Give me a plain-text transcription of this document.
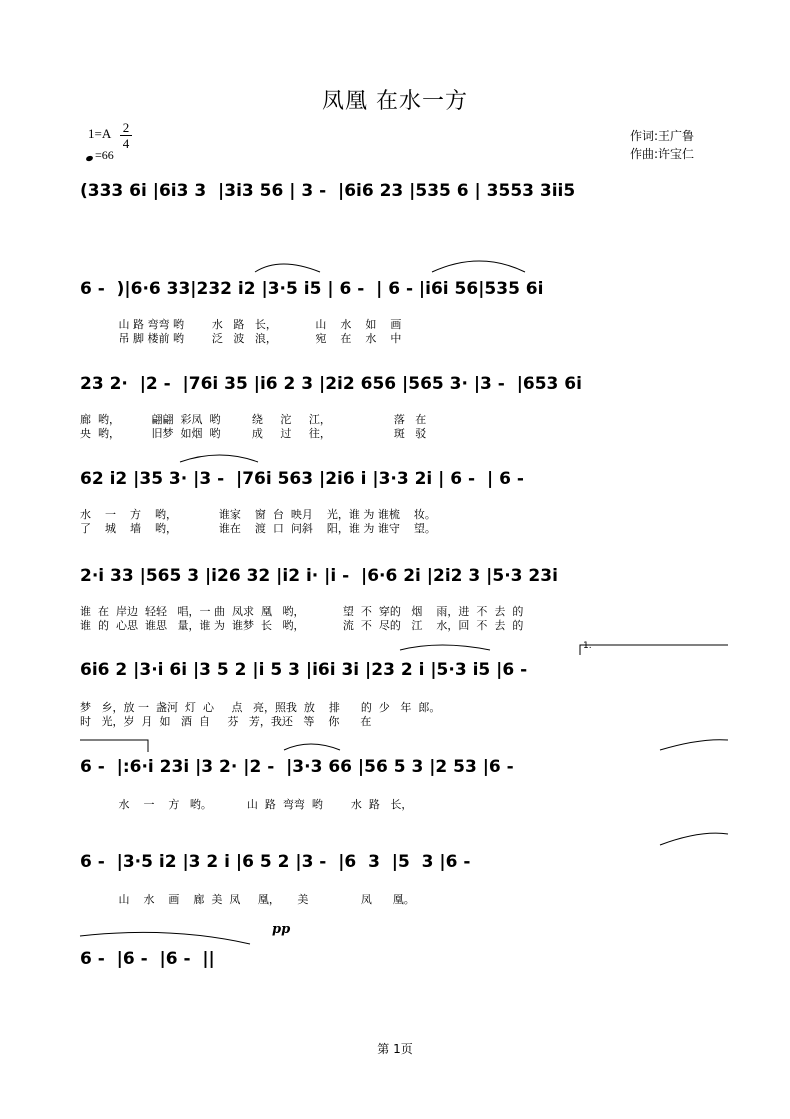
凤凰 在水一方
1=A 2
4
=66
作词:王广鲁
作曲:许宝仁
(333 6i |6i3 3  |3i3 56 | 3 -  |6i6 23 |535 6 | 3553 3ii5
6 -  )|6·6 33|232 i2 |3·5 i5 | 6 -  | 6 - |i6i 56|535 6i
山 路 弯弯 哟        水   路   长，           山    水    如    画
吊 脚 楼前 哟        泛   波   浪，           宛    在    水    中
23 2·  |2 -  |76i 35 |i6 2 3 |2i2 656 |565 3· |3 -  |653 6i
廊  哟，         翩翩  彩凤  哟         绕     沱     江，                  落   在
央  哟，         旧梦  如烟  哟         成     过     往，                  斑   驳
62 i2 |35 3· |3 -  |76i 563 |2i6 i |3·3 2i | 6 -  | 6 -
水    一    方    哟，            谁家    窗  台  映月    光，谁 为 谁梳    妆。
了    城    墙    哟，            谁在    渡  口  问斜    阳，谁 为 谁守    望。
2·i 33 |565 3 |i26 32 |i2 i· |i -  |6·6 2i |2i2 3 |5·3 23i
谁  在  岸边  轻轻   唱，一 曲  凤求  凰   哟，           望  不  穿的   烟    雨，进  不  去  的
谁  的  心思  谁思   量，谁 为  谁梦  长   哟，           流  不  尽的   江    水，回  不  去  的
6i6 2 |3·i 6i |3 5 2 |i 5 3 |i6i 3i |23 2 i |5·3 i5 |6 -
梦   乡，放 一  盏河  灯  心     点   亮，照我  放    排      的  少   年  郎。
时   光，岁  月  如   酒  自     芬   芳，我还   等    你      在
1.
6 -  |:6·i 23i |3 2· |2 -  |3·3 66 |56 5 3 |2 53 |6 -
水    一    方   哟。          山  路  弯弯  哟        水  路   长，
6 -  |3·5 i2 |3 2 i |6 5 2 |3 -  |6  3  |5  3 |6 -
山    水    画    廊  美  凤     凰，     美               凤      凰。
6 -  |6 -  |6 -  ||
pp
第 1页
